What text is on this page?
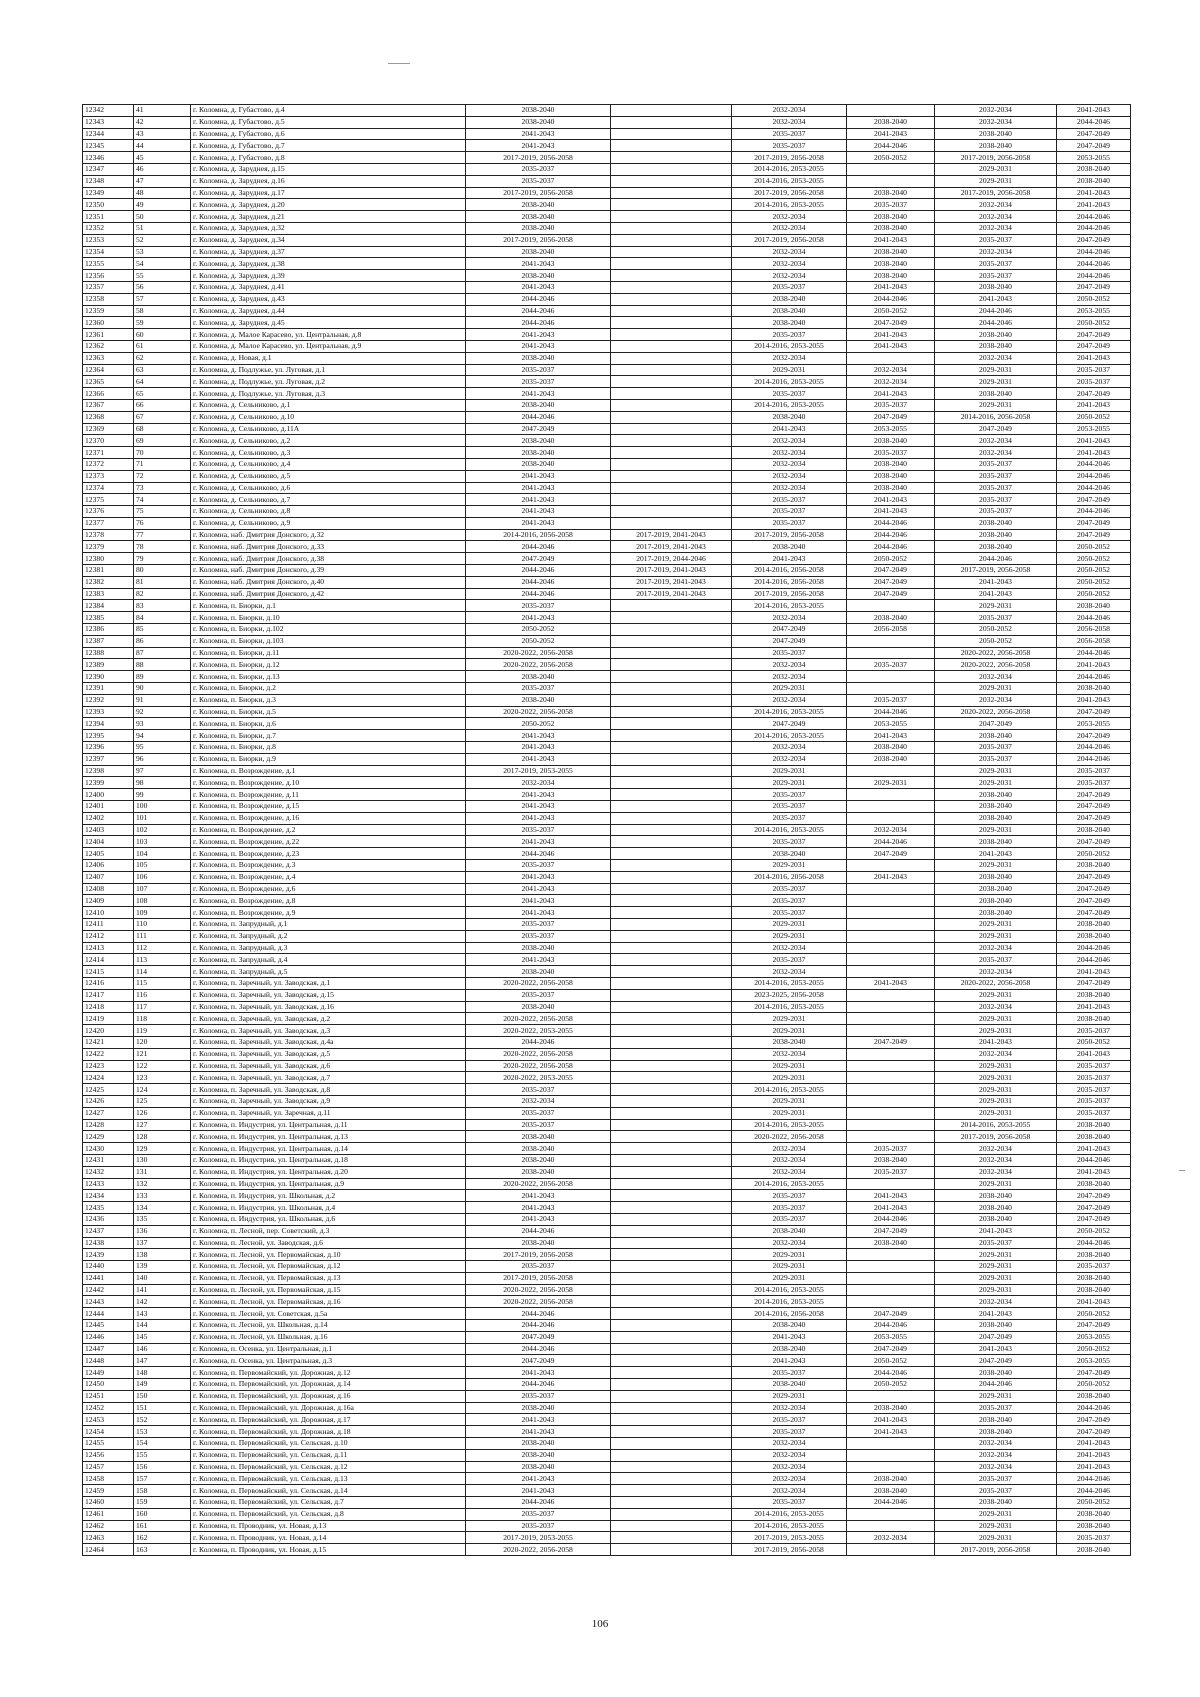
12342	41	г. Коломна, д. Губастово, д.4	2038-2040		2032-2034		2032-2034	2041-2043
12343	42	г. Коломна, д. Губастово, д.5	2038-2040		2032-2034	2038-2040	2032-2034	2044-2046
12344	43	г. Коломна, д. Губастово, д.6	2041-2043		2035-2037	2041-2043	2038-2040	2047-2049
12345	44	г. Коломна, д. Губастово, д.7	2041-2043		2035-2037	2044-2046	2038-2040	2047-2049
12346	45	г. Коломна, д. Губастово, д.8	2017-2019, 2056-2058		2017-2019, 2056-2058	2050-2052	2017-2019, 2056-2058	2053-2055
12347	46	г. Коломна, д. Заруднея, д.15	2035-2037		2014-2016, 2053-2055		2029-2031	2038-2040
12348	47	г. Коломна, д. Заруднея, д.16	2035-2037		2014-2016, 2053-2055		2029-2031	2038-2040
12349	48	г. Коломна, д. Заруднея, д.17	2017-2019, 2056-2058		2017-2019, 2056-2058	2038-2040	2017-2019, 2056-2058	2041-2043
12350	49	г. Коломна, д. Заруднея, д.20	2038-2040		2014-2016, 2053-2055	2035-2037	2032-2034	2041-2043
12351	50	г. Коломна, д. Заруднея, д.21	2038-2040		2032-2034	2038-2040	2032-2034	2044-2046
12352	51	г. Коломна, д. Заруднея, д.32	2038-2040		2032-2034	2038-2040	2032-2034	2044-2046
12353	52	г. Коломна, д. Заруднея, д.34	2017-2019, 2056-2058		2017-2019, 2056-2058	2041-2043	2035-2037	2047-2049
12354	53	г. Коломна, д. Заруднея, д.37	2038-2040		2032-2034	2038-2040	2032-2034	2044-2046
12355	54	г. Коломна, д. Заруднея, д.38	2041-2043		2032-2034	2038-2040	2035-2037	2044-2046
12356	55	г. Коломна, д. Заруднея, д.39	2038-2040		2032-2034	2038-2040	2035-2037	2044-2046
12357	56	г. Коломна, д. Заруднея, д.41	2041-2043		2035-2037	2041-2043	2038-2040	2047-2049
12358	57	г. Коломна, д. Заруднея, д.43	2044-2046		2038-2040	2044-2046	2041-2043	2050-2052
12359	58	г. Коломна, д. Заруднея, д.44	2044-2046		2038-2040	2050-2052	2044-2046	2053-2055
12360	59	г. Коломна, д. Заруднея, д.45	2044-2046		2038-2040	2047-2049	2044-2046	2050-2052
12361	60	г. Коломна, д. Малое Карасево, ул. Центральная, д.8	2041-2043		2035-2037	2041-2043	2038-2040	2047-2049
12362	61	г. Коломна, д. Малое Карасево, ул. Центральная, д.9	2041-2043		2014-2016, 2053-2055	2041-2043	2038-2040	2047-2049
12363	62	г. Коломна, д. Новая, д.1	2038-2040		2032-2034		2032-2034	2041-2043
12364	63	г. Коломна, д. Подлужье, ул. Луговая, д.1	2035-2037		2029-2031	2032-2034	2029-2031	2035-2037
12365	64	г. Коломна, д. Подлужье, ул. Луговая, д.2	2035-2037		2014-2016, 2053-2055	2032-2034	2029-2031	2035-2037
12366	65	г. Коломна, д. Подлужье, ул. Луговая, д.3	2041-2043		2035-2037	2041-2043	2038-2040	2047-2049
12367	66	г. Коломна, д. Сельниково, д.1	2038-2040		2014-2016, 2053-2055	2035-2037	2029-2031	2041-2043
12368	67	г. Коломна, д. Сельниково, д.10	2044-2046		2038-2040	2047-2049	2014-2016, 2056-2058	2050-2052
12369	68	г. Коломна, д. Сельниково, д.11А	2047-2049		2041-2043	2053-2055	2047-2049	2053-2055
12370	69	г. Коломна, д. Сельниково, д.2	2038-2040		2032-2034	2038-2040	2032-2034	2041-2043
12371	70	г. Коломна, д. Сельниково, д.3	2038-2040		2032-2034	2035-2037	2032-2034	2041-2043
12372	71	г. Коломна, д. Сельниково, д.4	2038-2040		2032-2034	2038-2040	2035-2037	2044-2046
12373	72	г. Коломна, д. Сельниково, д.5	2041-2043		2032-2034	2038-2040	2035-2037	2044-2046
12374	73	г. Коломна, д. Сельниково, д.6	2041-2043		2032-2034	2038-2040	2035-2037	2044-2046
12375	74	г. Коломна, д. Сельниково, д.7	2041-2043		2035-2037	2041-2043	2035-2037	2047-2049
12376	75	г. Коломна, д. Сельниково, д.8	2041-2043		2035-2037	2041-2043	2035-2037	2044-2046
12377	76	г. Коломна, д. Сельниково, д.9	2041-2043		2035-2037	2044-2046	2038-2040	2047-2049
12378	77	г. Коломна, наб. Дмитрия Донского, д.32	2014-2016, 2056-2058	2017-2019, 2041-2043	2017-2019, 2056-2058	2044-2046	2038-2040	2047-2049
12379	78	г. Коломна, наб. Дмитрия Донского, д.33	2044-2046	2017-2019, 2041-2043	2038-2040	2044-2046	2038-2040	2050-2052
12380	79	г. Коломна, наб. Дмитрия Донского, д.38	2047-2049	2017-2019, 2044-2046	2041-2043	2050-2052	2044-2046	2050-2052
12381	80	г. Коломна, наб. Дмитрия Донского, д.39	2044-2046	2017-2019, 2041-2043	2014-2016, 2056-2058	2047-2049	2017-2019, 2056-2058	2050-2052
12382	81	г. Коломна, наб. Дмитрия Донского, д.40	2044-2046	2017-2019, 2041-2043	2014-2016, 2056-2058	2047-2049	2041-2043	2050-2052
12383	82	г. Коломна, наб. Дмитрия Донского, д.42	2044-2046	2017-2019, 2041-2043	2017-2019, 2056-2058	2047-2049	2041-2043	2050-2052
12384	83	г. Коломна, п. Биорки, д.1	2035-2037		2014-2016, 2053-2055		2029-2031	2038-2040
12385	84	г. Коломна, п. Биорки, д.10	2041-2043		2032-2034	2038-2040	2035-2037	2044-2046
12386	85	г. Коломна, п. Биорки, д.102	2050-2052		2047-2049	2056-2058	2050-2052	2056-2058
12387	86	г. Коломна, п. Биорки, д.103	2050-2052		2047-2049		2050-2052	2056-2058
12388	87	г. Коломна, п. Биорки, д.11	2020-2022, 2056-2058		2035-2037		2020-2022, 2056-2058	2044-2046
12389	88	г. Коломна, п. Биорки, д.12	2020-2022, 2056-2058		2032-2034	2035-2037	2020-2022, 2056-2058	2041-2043
12390	89	г. Коломна, п. Биорки, д.13	2038-2040		2032-2034		2032-2034	2044-2046
12391	90	г. Коломна, п. Биорки, д.2	2035-2037		2029-2031		2029-2031	2038-2040
12392	91	г. Коломна, п. Биорки, д.3	2038-2040		2032-2034	2035-2037	2032-2034	2041-2043
12393	92	г. Коломна, п. Биорки, д.5	2020-2022, 2056-2058		2014-2016, 2053-2055	2044-2046	2020-2022, 2056-2058	2047-2049
12394	93	г. Коломна, п. Биорки, д.6	2050-2052		2047-2049	2053-2055	2047-2049	2053-2055
12395	94	г. Коломна, п. Биорки, д.7	2041-2043		2014-2016, 2053-2055	2041-2043	2038-2040	2047-2049
12396	95	г. Коломна, п. Биорки, д.8	2041-2043		2032-2034	2038-2040	2035-2037	2044-2046
12397	96	г. Коломна, п. Биорки, д.9	2041-2043		2032-2034	2038-2040	2035-2037	2044-2046
12398	97	г. Коломна, п. Возрождение, д.1	2017-2019, 2053-2055		2029-2031		2029-2031	2035-2037
12399	98	г. Коломна, п. Возрождение, д.10	2032-2034		2029-2031	2029-2031	2029-2031	2035-2037
12400	99	г. Коломна, п. Возрождение, д.11	2041-2043		2035-2037		2038-2040	2047-2049
12401	100	г. Коломна, п. Возрождение, д.15	2041-2043		2035-2037		2038-2040	2047-2049
12402	101	г. Коломна, п. Возрождение, д.16	2041-2043		2035-2037		2038-2040	2047-2049
12403	102	г. Коломна, п. Возрождение, д.2	2035-2037		2014-2016, 2053-2055	2032-2034	2029-2031	2038-2040
12404	103	г. Коломна, п. Возрождение, д.22	2041-2043		2035-2037	2044-2046	2038-2040	2047-2049
12405	104	г. Коломна, п. Возрождение, д.23	2044-2046		2038-2040	2047-2049	2041-2043	2050-2052
12406	105	г. Коломна, п. Возрождение, д.3	2035-2037		2029-2031		2029-2031	2038-2040
12407	106	г. Коломна, п. Возрождение, д.4	2041-2043		2014-2016, 2056-2058	2041-2043	2038-2040	2047-2049
12408	107	г. Коломна, п. Возрождение, д.6	2041-2043		2035-2037		2038-2040	2047-2049
12409	108	г. Коломна, п. Возрождение, д.8	2041-2043		2035-2037		2038-2040	2047-2049
12410	109	г. Коломна, п. Возрождение, д.9	2041-2043		2035-2037		2038-2040	2047-2049
12411	110	г. Коломна, п. Запрудный, д.1	2035-2037		2029-2031		2029-2031	2038-2040
12412	111	г. Коломна, п. Запрудный, д.2	2035-2037		2029-2031		2029-2031	2038-2040
12413	112	г. Коломна, п. Запрудный, д.3	2038-2040		2032-2034		2032-2034	2044-2046
12414	113	г. Коломна, п. Запрудный, д.4	2041-2043		2035-2037		2035-2037	2044-2046
12415	114	г. Коломна, п. Запрудный, д.5	2038-2040		2032-2034		2032-2034	2041-2043
12416	115	г. Коломна, п. Заречный, ул. Заводская, д.1	2020-2022, 2056-2058		2014-2016, 2053-2055	2041-2043	2020-2022, 2056-2058	2047-2049
12417	116	г. Коломна, п. Заречный, ул. Заводская, д.15	2035-2037		2023-2025, 2056-2058		2029-2031	2038-2040
12418	117	г. Коломна, п. Заречный, ул. Заводская, д.16	2038-2040		2014-2016, 2053-2055		2032-2034	2041-2043
12419	118	г. Коломна, п. Заречный, ул. Заводская, д.2	2020-2022, 2056-2058		2029-2031		2029-2031	2038-2040
12420	119	г. Коломна, п. Заречный, ул. Заводская, д.3	2020-2022, 2053-2055		2029-2031		2029-2031	2035-2037
12421	120	г. Коломна, п. Заречный, ул. Заводская, д.4а	2044-2046		2038-2040	2047-2049	2041-2043	2050-2052
12422	121	г. Коломна, п. Заречный, ул. Заводская, д.5	2020-2022, 2056-2058		2032-2034		2032-2034	2041-2043
12423	122	г. Коломна, п. Заречный, ул. Заводская, д.6	2020-2022, 2056-2058		2029-2031		2029-2031	2035-2037
12424	123	г. Коломна, п. Заречный, ул. Заводская, д.7	2020-2022, 2053-2055		2029-2031		2029-2031	2035-2037
12425	124	г. Коломна, п. Заречный, ул. Заводская, д.8	2035-2037		2014-2016, 2053-2055		2029-2031	2035-2037
12426	125	г. Коломна, п. Заречный, ул. Заводская, д.9	2032-2034		2029-2031		2029-2031	2035-2037
12427	126	г. Коломна, п. Заречный, ул. Заречная, д.11	2035-2037		2029-2031		2029-2031	2035-2037
12428	127	г. Коломна, п. Индустрия, ул. Центральная, д.11	2035-2037		2014-2016, 2053-2055		2014-2016, 2053-2055	2038-2040
12429	128	г. Коломна, п. Индустрия, ул. Центральная, д.13	2038-2040		2020-2022, 2056-2058		2017-2019, 2056-2058	2038-2040
12430	129	г. Коломна, п. Индустрия, ул. Центральная, д.14	2038-2040		2032-2034	2035-2037	2032-2034	2041-2043
12431	130	г. Коломна, п. Индустрия, ул. Центральная, д.18	2038-2040		2032-2034	2038-2040	2032-2034	2044-2046
12432	131	г. Коломна, п. Индустрия, ул. Центральная, д.20	2038-2040		2032-2034	2035-2037	2032-2034	2041-2043
12433	132	г. Коломна, п. Индустрия, ул. Центральная, д.9	2020-2022, 2056-2058		2014-2016, 2053-2055		2029-2031	2038-2040
12434	133	г. Коломна, п. Индустрия, ул. Школьная, д.2	2041-2043		2035-2037	2041-2043	2038-2040	2047-2049
12435	134	г. Коломна, п. Индустрия, ул. Школьная, д.4	2041-2043		2035-2037	2041-2043	2038-2040	2047-2049
12436	135	г. Коломна, п. Индустрия, ул. Школьная, д.6	2041-2043		2035-2037	2044-2046	2038-2040	2047-2049
12437	136	г. Коломна, п. Лесной, пер. Советский, д.3	2044-2046		2038-2040	2047-2049	2041-2043	2050-2052
12438	137	г. Коломна, п. Лесной, ул. Заводская, д.6	2038-2040		2032-2034	2038-2040	2035-2037	2044-2046
12439	138	г. Коломна, п. Лесной, ул. Первомайская, д.10	2017-2019, 2056-2058		2029-2031		2029-2031	2038-2040
12440	139	г. Коломна, п. Лесной, ул. Первомайская, д.12	2035-2037		2029-2031		2029-2031	2035-2037
12441	140	г. Коломна, п. Лесной, ул. Первомайская, д.13	2017-2019, 2056-2058		2029-2031		2029-2031	2038-2040
12442	141	г. Коломна, п. Лесной, ул. Первомайская, д.15	2020-2022, 2056-2058		2014-2016, 2053-2055		2029-2031	2038-2040
12443	142	г. Коломна, п. Лесной, ул. Первомайская, д.16	2020-2022, 2056-2058		2014-2016, 2053-2055		2032-2034	2041-2043
12444	143	г. Коломна, п. Лесной, ул. Советская, д.5а	2044-2046		2014-2016, 2056-2058	2047-2049	2041-2043	2050-2052
12445	144	г. Коломна, п. Лесной, ул. Школьная, д.14	2044-2046		2038-2040	2044-2046	2038-2040	2047-2049
12446	145	г. Коломна, п. Лесной, ул. Школьная, д.16	2047-2049		2041-2043	2053-2055	2047-2049	2053-2055
12447	146	г. Коломна, п. Осенка, ул. Центральная, д.1	2044-2046		2038-2040	2047-2049	2041-2043	2050-2052
12448	147	г. Коломна, п. Осенка, ул. Центральная, д.3	2047-2049		2041-2043	2050-2052	2047-2049	2053-2055
12449	148	г. Коломна, п. Первомайский, ул. Дорожная, д.12	2041-2043		2035-2037	2044-2046	2038-2040	2047-2049
12450	149	г. Коломна, п. Первомайский, ул. Дорожная, д.14	2044-2046		2038-2040	2050-2052	2044-2046	2050-2052
12451	150	г. Коломна, п. Первомайский, ул. Дорожная, д.16	2035-2037		2029-2031		2029-2031	2038-2040
12452	151	г. Коломна, п. Первомайский, ул. Дорожная, д.16а	2038-2040		2032-2034	2038-2040	2035-2037	2044-2046
12453	152	г. Коломна, п. Первомайский, ул. Дорожная, д.17	2041-2043		2035-2037	2041-2043	2038-2040	2047-2049
12454	153	г. Коломна, п. Первомайский, ул. Дорожная, д.18	2041-2043		2035-2037	2041-2043	2038-2040	2047-2049
12455	154	г. Коломна, п. Первомайский, ул. Сельская, д.10	2038-2040		2032-2034		2032-2034	2041-2043
12456	155	г. Коломна, п. Первомайский, ул. Сельская, д.11	2038-2040		2032-2034		2032-2034	2041-2043
12457	156	г. Коломна, п. Первомайский, ул. Сельская, д.12	2038-2040		2032-2034		2032-2034	2041-2043
12458	157	г. Коломна, п. Первомайский, ул. Сельская, д.13	2041-2043		2032-2034	2038-2040	2035-2037	2044-2046
12459	158	г. Коломна, п. Первомайский, ул. Сельская, д.14	2041-2043		2032-2034	2038-2040	2035-2037	2044-2046
12460	159	г. Коломна, п. Первомайский, ул. Сельская, д.7	2044-2046		2035-2037	2044-2046	2038-2040	2050-2052
12461	160	г. Коломна, п. Первомайский, ул. Сельская, д.8	2035-2037		2014-2016, 2053-2055		2029-2031	2038-2040
12462	161	г. Коломна, п. Проводник, ул. Новая, д.13	2035-2037		2014-2016, 2053-2055		2029-2031	2038-2040
12463	162	г. Коломна, п. Проводник, ул. Новая, д.14	2017-2019, 2053-2055		2017-2019, 2053-2055	2032-2034	2029-2031	2035-2037
12464	163	г. Коломна, п. Проводник, ул. Новая, д.15	2020-2022, 2056-2058		2017-2019, 2056-2058		2017-2019, 2056-2058	2038-2040
106
